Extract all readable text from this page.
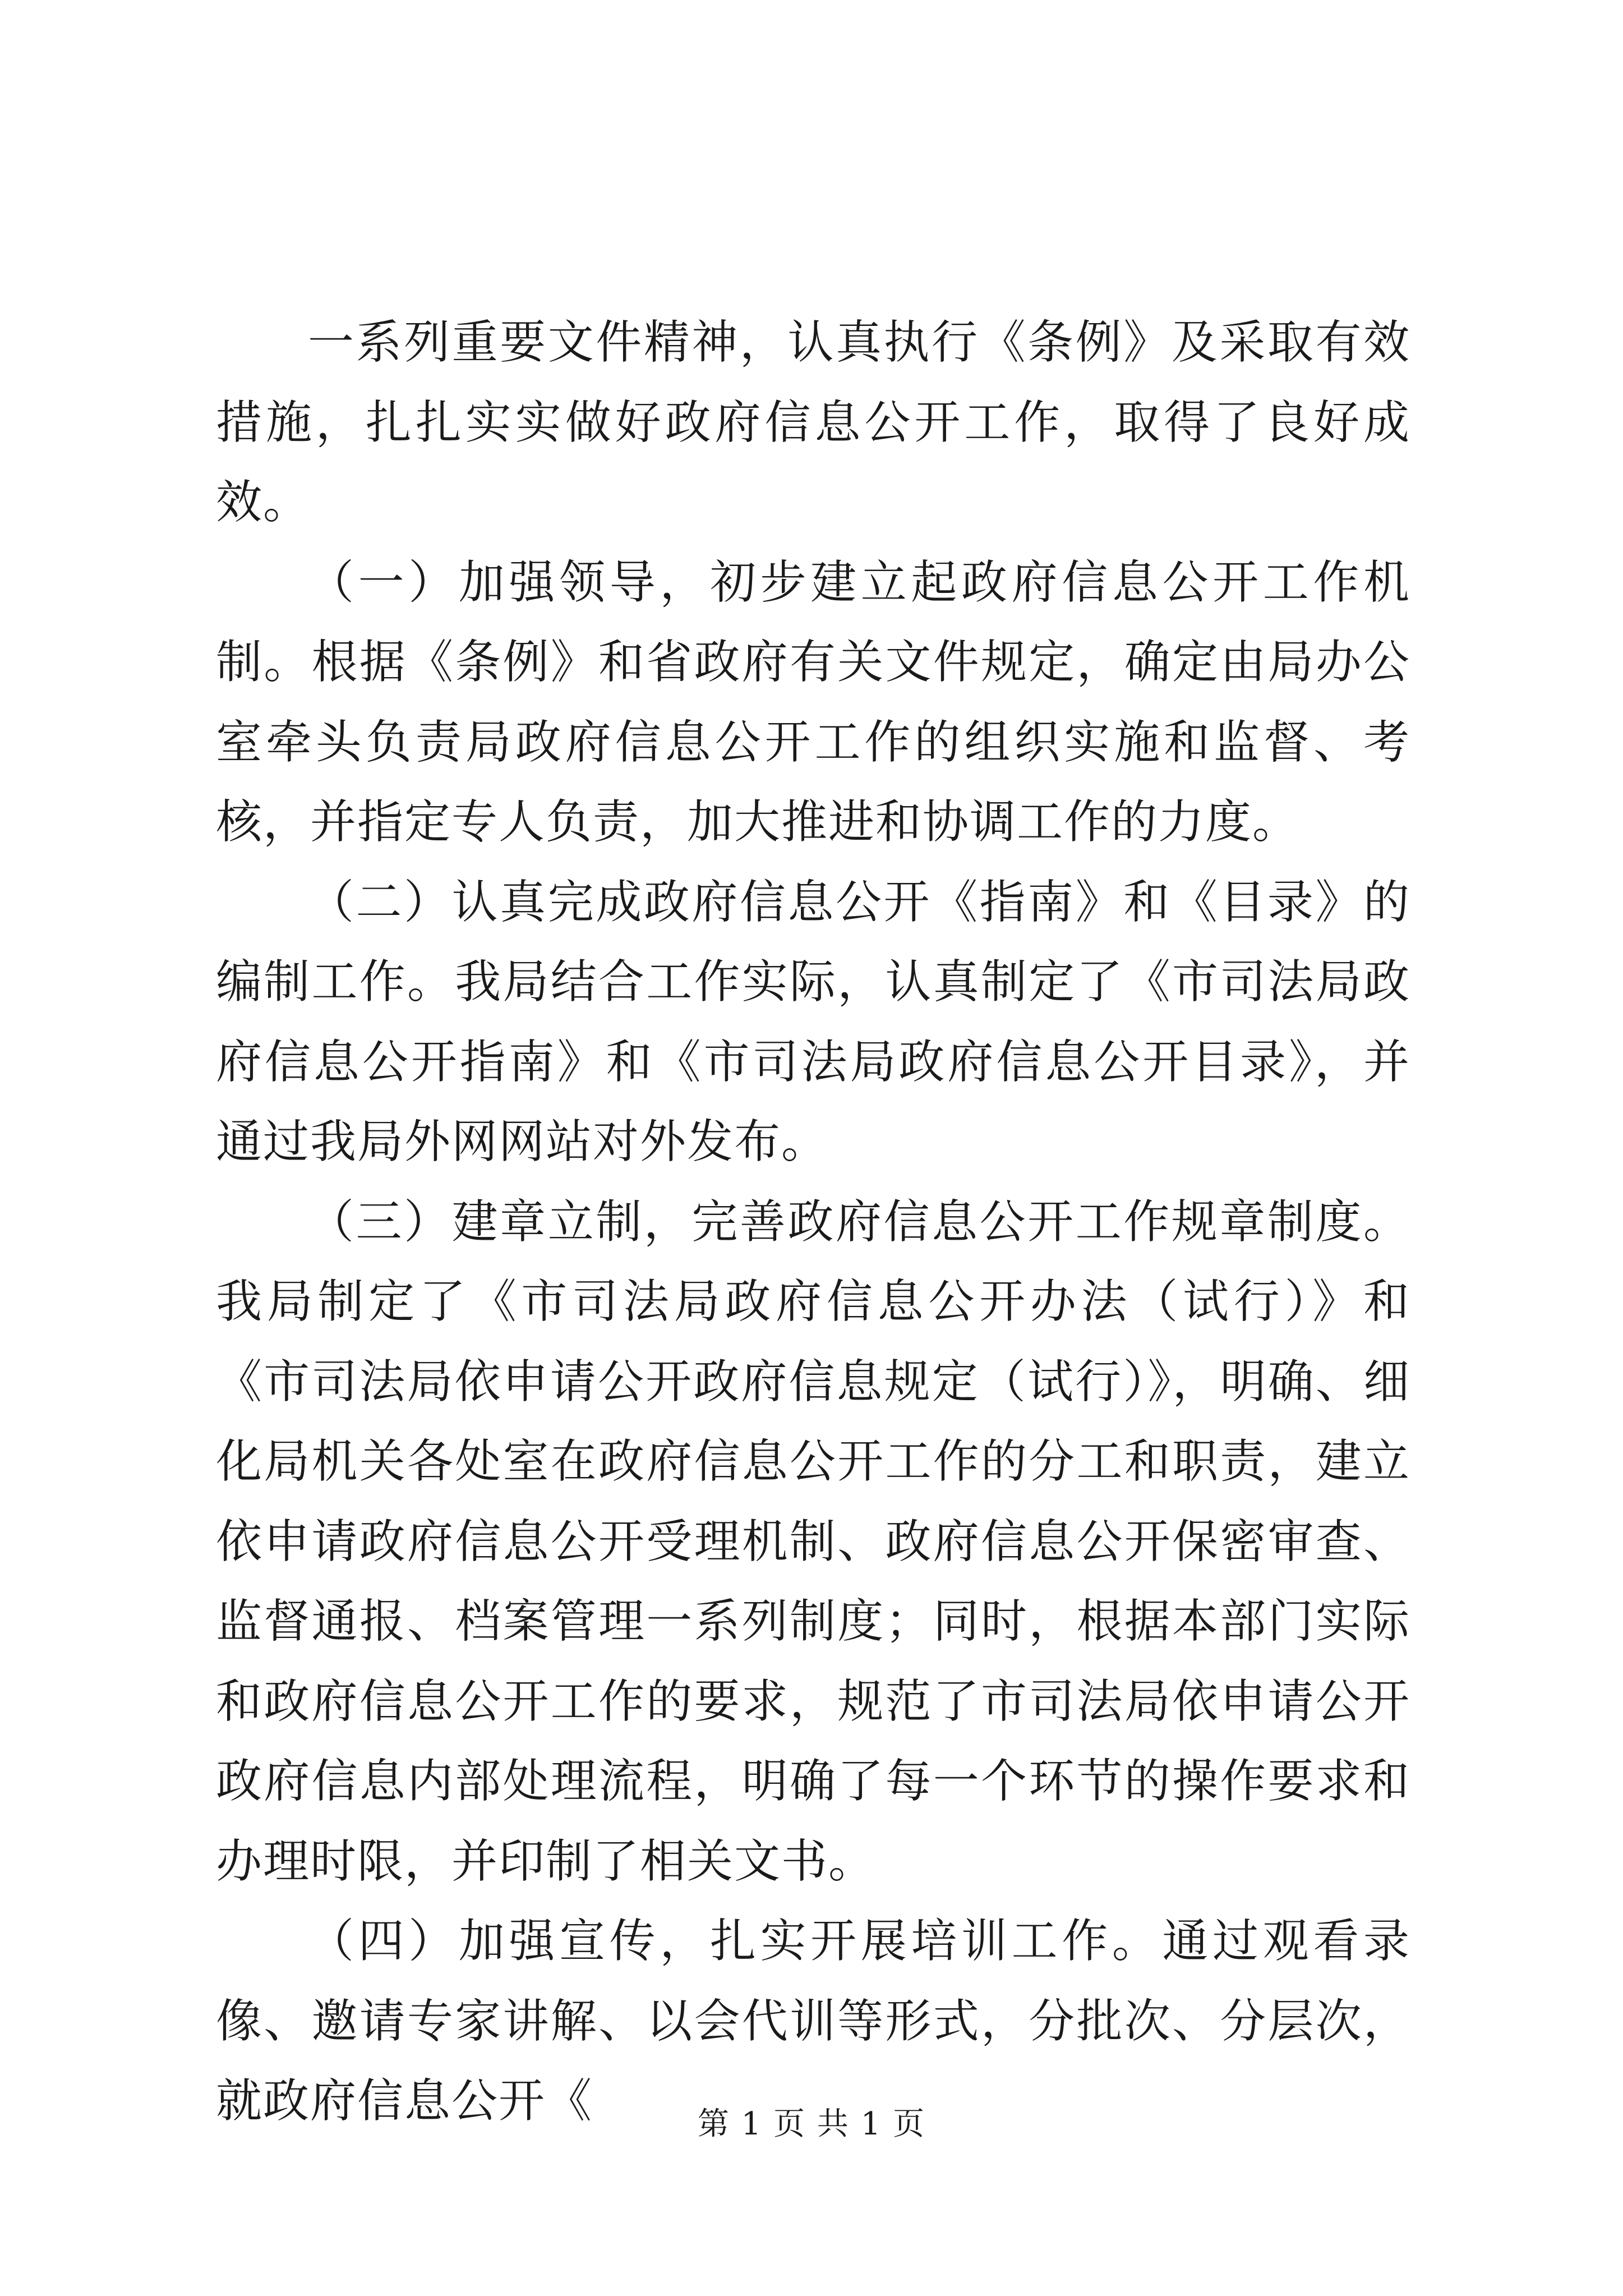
一系列重要文件精神，认真执行《条例》及采取有效措施，扎扎实实做好政府信息公开工作，取得了良好成效。

（一）加强领导，初步建立起政府信息公开工作机制。根据《条例》和省政府有关文件规定，确定由局办公室牵头负责局政府信息公开工作的组织实施和监督、考核，并指定专人负责，加大推进和协调工作的力度。

（二）认真完成政府信息公开《指南》和《目录》的编制工作。我局结合工作实际，认真制定了《市司法局政府信息公开指南》和《市司法局政府信息公开目录》，并通过我局外网网站对外发布。

（三）建章立制，完善政府信息公开工作规章制度。我局制定了《市司法局政府信息公开办法（试行）》和《市司法局依申请公开政府信息规定（试行）》，明确、细化局机关各处室在政府信息公开工作的分工和职责，建立依申请政府信息公开受理机制、政府信息公开保密审查、监督通报、档案管理一系列制度；同时，根据本部门实际和政府信息公开工作的要求，规范了市司法局依申请公开政府信息内部处理流程，明确了每一个环节的操作要求和办理时限，并印制了相关文书。

（四）加强宣传，扎实开展培训工作。通过观看录像、邀请专家讲解、以会代训等形式，分批次、分层次，就政府信息公开《	第 1 页 共 1 页
